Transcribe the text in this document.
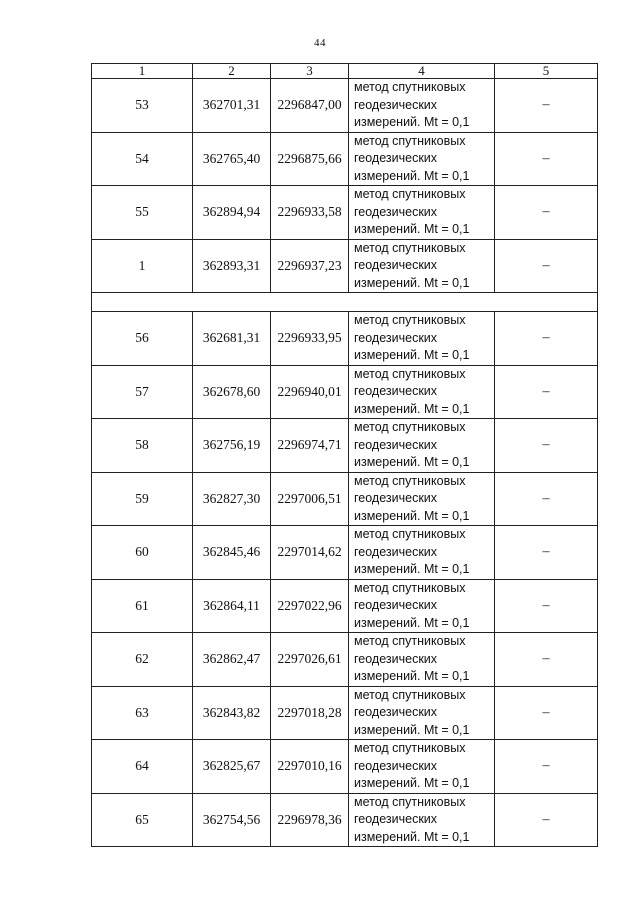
44
1	2	3	4	5
53	362701,31	2296847,00	метод спутниковых
геодезических
измерений. Mt = 0,1	–
54	362765,40	2296875,66	метод спутниковых
геодезических
измерений. Mt = 0,1	–
55	362894,94	2296933,58	метод спутниковых
геодезических
измерений. Mt = 0,1	–
1	362893,31	2296937,23	метод спутниковых
геодезических
измерений. Mt = 0,1	–

56	362681,31	2296933,95	метод спутниковых
геодезических
измерений. Mt = 0,1	–
57	362678,60	2296940,01	метод спутниковых
геодезических
измерений. Mt = 0,1	–
58	362756,19	2296974,71	метод спутниковых
геодезических
измерений. Mt = 0,1	–
59	362827,30	2297006,51	метод спутниковых
геодезических
измерений. Mt = 0,1	–
60	362845,46	2297014,62	метод спутниковых
геодезических
измерений. Mt = 0,1	–
61	362864,11	2297022,96	метод спутниковых
геодезических
измерений. Mt = 0,1	–
62	362862,47	2297026,61	метод спутниковых
геодезических
измерений. Mt = 0,1	–
63	362843,82	2297018,28	метод спутниковых
геодезических
измерений. Mt = 0,1	–
64	362825,67	2297010,16	метод спутниковых
геодезических
измерений. Mt = 0,1	–
65	362754,56	2296978,36	метод спутниковых
геодезических
измерений. Mt = 0,1	–
